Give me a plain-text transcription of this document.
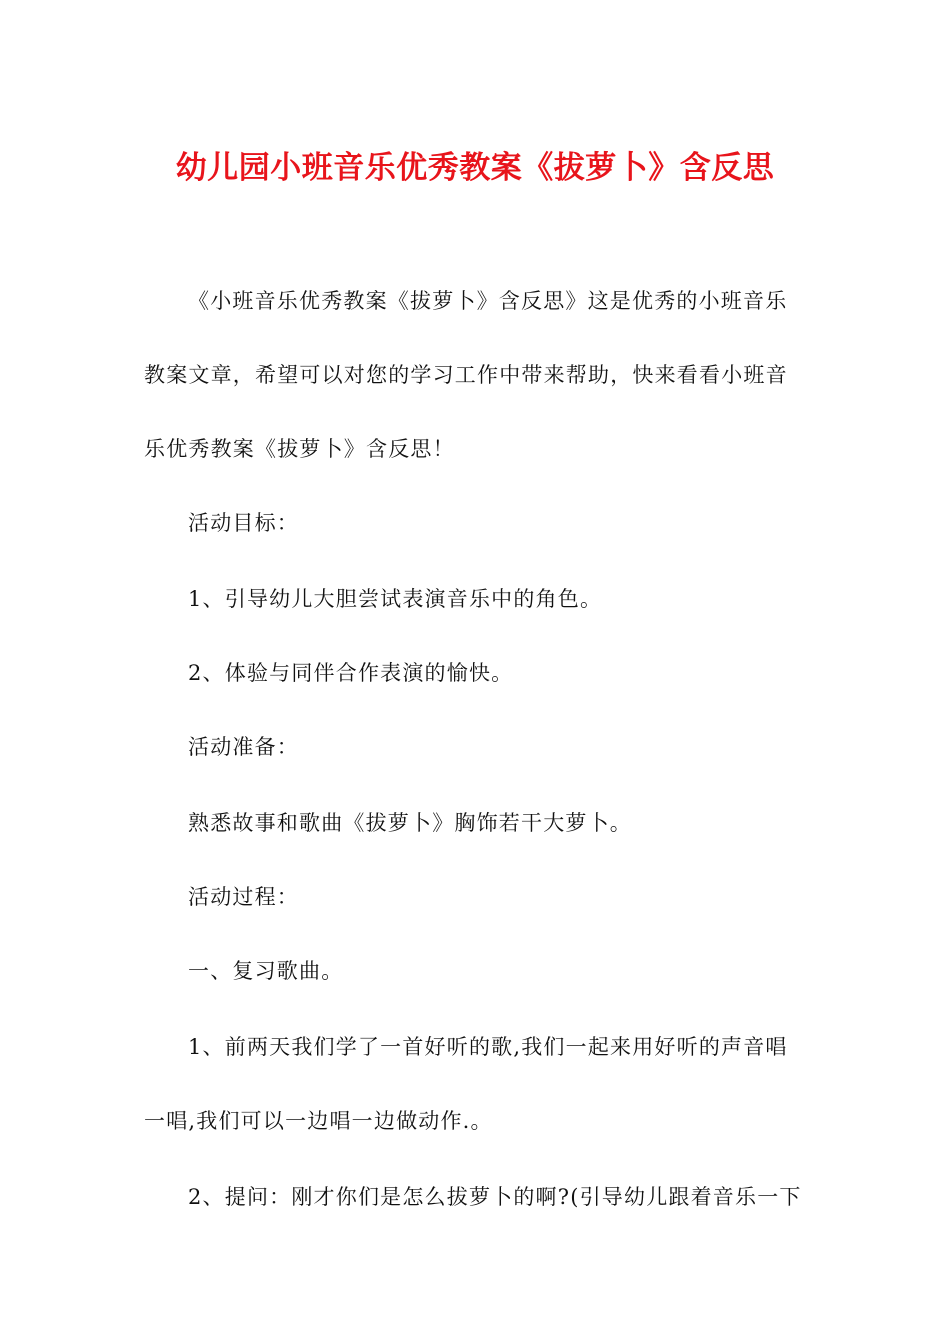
幼儿园小班音乐优秀教案《拔萝卜》含反思
《小班音乐优秀教案《拔萝卜》含反思》这是优秀的小班音乐
教案文章，希望可以对您的学习工作中带来帮助，快来看看小班音
乐优秀教案《拔萝卜》含反思！
活动目标：
1、引导幼儿大胆尝试表演音乐中的角色。
2、体验与同伴合作表演的愉快。
活动准备：
熟悉故事和歌曲《拔萝卜》胸饰若干大萝卜。
活动过程：
一、复习歌曲。
1、前两天我们学了一首好听的歌,我们一起来用好听的声音唱
一唱,我们可以一边唱一边做动作.。
2、提问：刚才你们是怎么拔萝卜的啊?(引导幼儿跟着音乐一下
